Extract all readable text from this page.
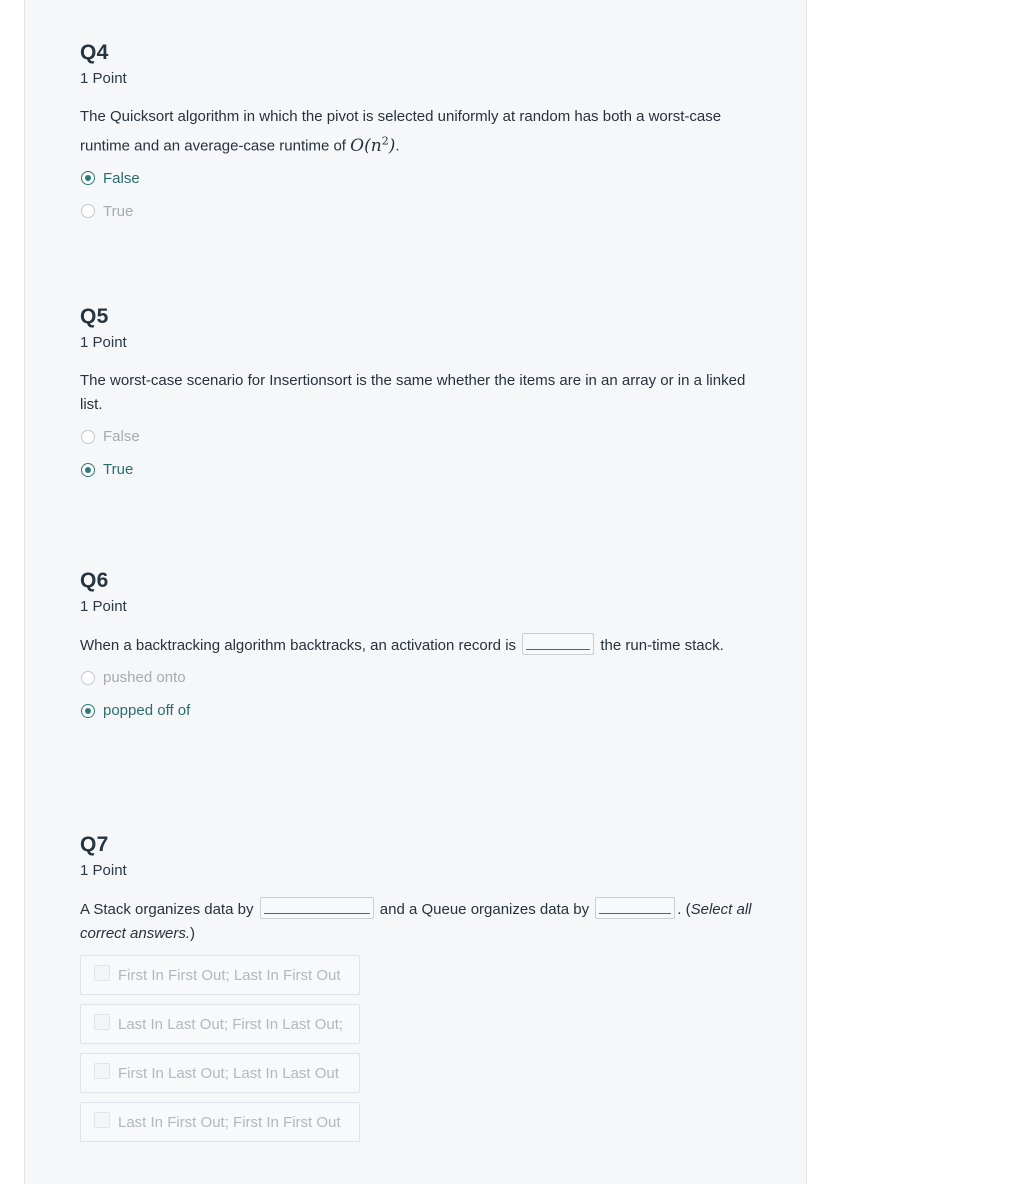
Q4
1 Point
The Quicksort algorithm in which the pivot is selected uniformly at random has both a worst-case runtime and an average-case runtime of $O(n^2)$.
False
True
Q5
1 Point
The worst-case scenario for Insertionsort is the same whether the items are in an array or in a linked list.
False
True
Q6
1 Point
When a backtracking algorithm backtracks, an activation record is	the run-time stack.
pushed onto
popped off of
Q7
1 Point
A Stack organizes data by	and a Queue organizes data by	. (Select all correct answers.)
First In First Out; Last In First Out
Last In Last Out; First In Last Out;
First In Last Out; Last In Last Out
Last In First Out; First In First Out
